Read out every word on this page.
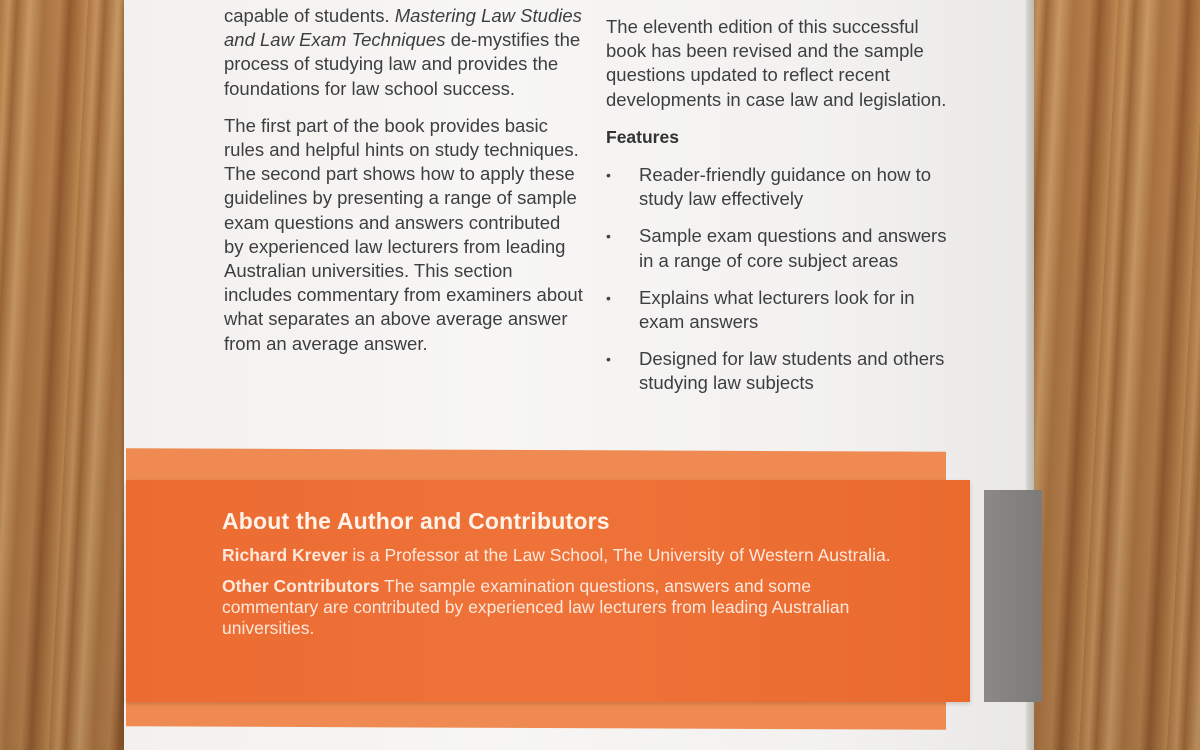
capable of students. Mastering Law Studies and Law Exam Techniques de-mystifies the process of studying law and provides the foundations for law school success.

The first part of the book provides basic rules and helpful hints on study techniques. The second part shows how to apply these guidelines by presenting a range of sample exam questions and answers contributed by experienced law lecturers from leading Australian universities. This section includes commentary from examiners about what separates an above average answer from an average answer.

The eleventh edition of this successful book has been revised and the sample questions updated to reflect recent developments in case law and legislation.

Features
• Reader-friendly guidance on how to study law effectively
• Sample exam questions and answers in a range of core subject areas
• Explains what lecturers look for in exam answers
• Designed for law students and others studying law subjects
About the Author and Contributors

Richard Krever is a Professor at the Law School, The University of Western Australia.

Other Contributors The sample examination questions, answers and some commentary are contributed by experienced law lecturers from leading Australian universities.
